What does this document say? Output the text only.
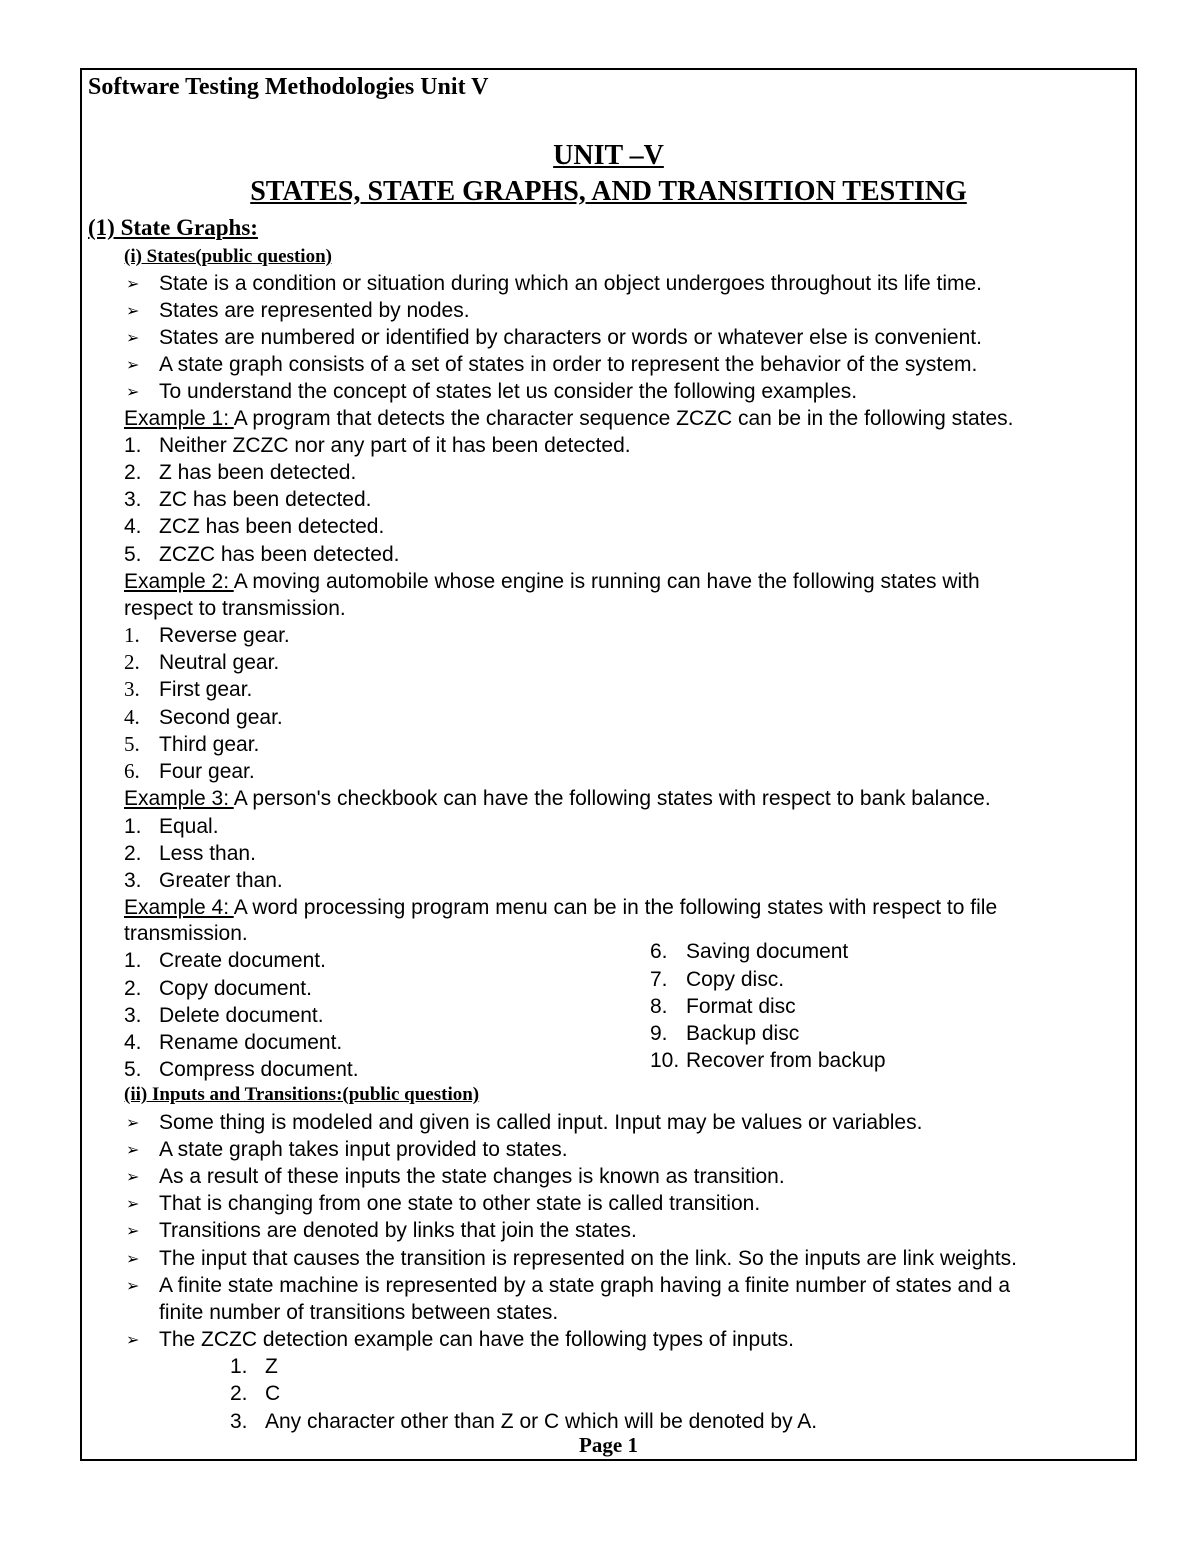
Software Testing Methodologies Unit V
UNIT –V
STATES, STATE GRAPHS, AND TRANSITION TESTING
(1) State Graphs:
(i) States(public question)
➢ State is a condition or situation during which an object undergoes throughout its life time.
➢ States are represented by nodes.
➢ States are numbered or identified by characters or words or whatever else is convenient.
➢ A state graph consists of a set of states in order to represent the behavior of the system.
➢ To understand the concept of states let us consider the following examples.
Example 1: A program that detects the character sequence ZCZC can be in the following states.
1. Neither ZCZC nor any part of it has been detected.
2. Z has been detected.
3. ZC has been detected.
4. ZCZ has been detected.
5. ZCZC has been detected.
Example 2: A moving automobile whose engine is running can have the following states with
respect to transmission.
1. Reverse gear.
2. Neutral gear.
3. First gear.
4. Second gear.
5. Third gear.
6. Four gear.
Example 3: A person's checkbook can have the following states with respect to bank balance.
1. Equal.
2. Less than.
3. Greater than.
Example 4: A word processing program menu can be in the following states with respect to file
transmission.
1. Create document.
2. Copy document.
3. Delete document.
4. Rename document.
5. Compress document.
6. Saving document
7. Copy disc.
8. Format disc
9. Backup disc
10. Recover from backup
(ii) Inputs and Transitions:(public question)
➢ Some thing is modeled and given is called input. Input may be values or variables.
➢ A state graph takes input provided to states.
➢ As a result of these inputs the state changes is known as transition.
➢ That is changing from one state to other state is called transition.
➢ Transitions are denoted by links that join the states.
➢ The input that causes the transition is represented on the link. So the inputs are link weights.
➢ A finite state machine is represented by a state graph having a finite number of states and a
➢ The ZCZC detection example can have the following types of inputs.
finite number of transitions between states.
1. Z
2. C
3. Any character other than Z or C which will be denoted by A.
Page 1
